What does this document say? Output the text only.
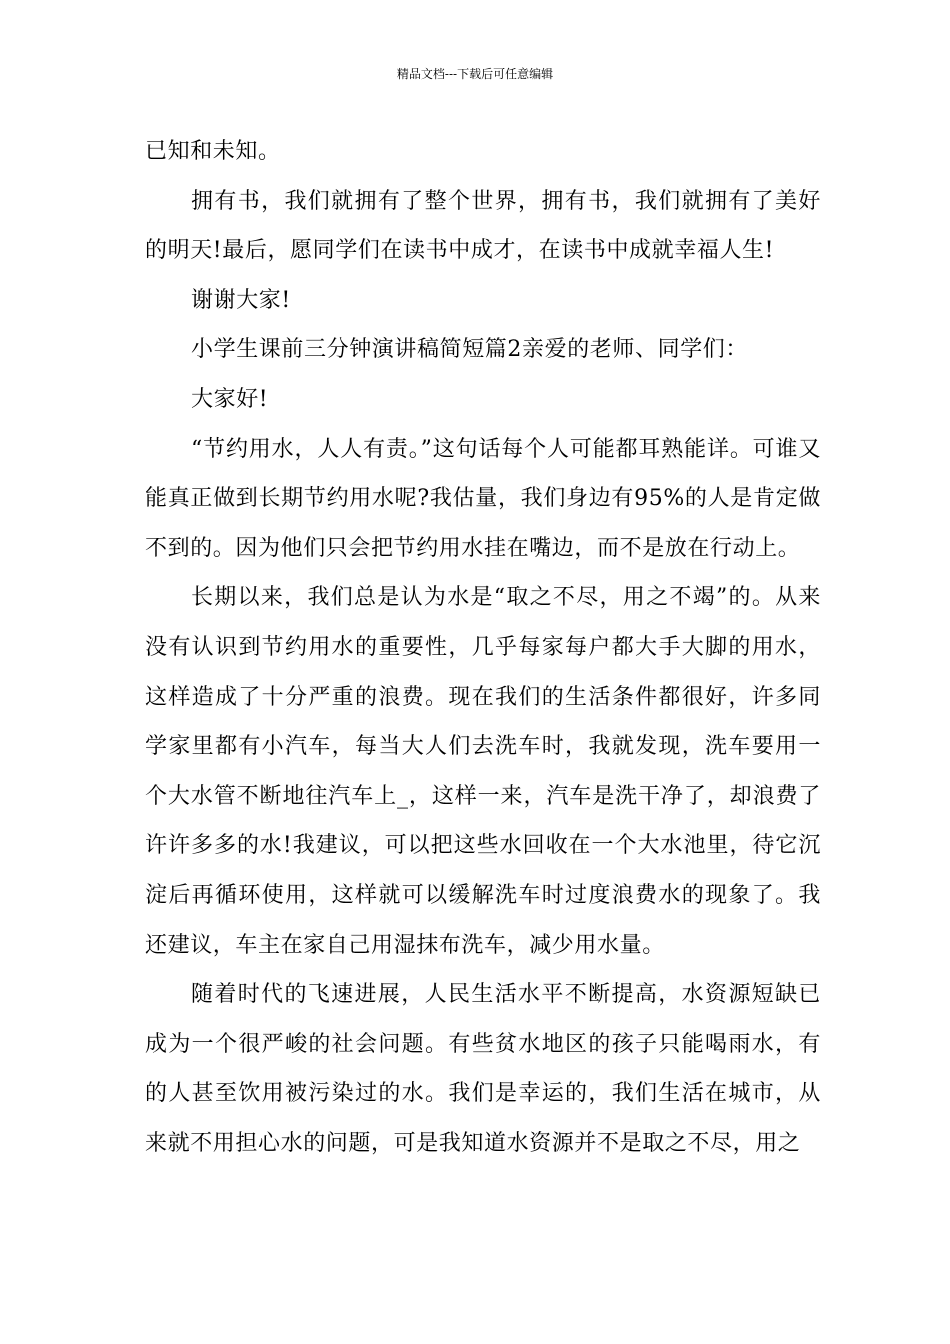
精品文档---下载后可任意编辑

已知和未知。

拥有书，我们就拥有了整个世界，拥有书，我们就拥有了美好的明天!最后，愿同学们在读书中成才，在读书中成就幸福人生!

谢谢大家!

小学生课前三分钟演讲稿简短篇2亲爱的老师、同学们：

大家好!

“节约用水，人人有责。”这句话每个人可能都耳熟能详。可谁又能真正做到长期节约用水呢?我估量，我们身边有95%的人是肯定做不到的。因为他们只会把节约用水挂在嘴边，而不是放在行动上。

长期以来，我们总是认为水是“取之不尽，用之不竭”的。从来没有认识到节约用水的重要性，几乎每家每户都大手大脚的用水，这样造成了十分严重的浪费。现在我们的生活条件都很好，许多同学家里都有小汽车，每当大人们去洗车时，我就发现，洗车要用一个大水管不断地往汽车上_，这样一来，汽车是洗干净了，却浪费了许许多多的水!我建议，可以把这些水回收在一个大水池里，待它沉淀后再循环使用，这样就可以缓解洗车时过度浪费水的现象了。我还建议，车主在家自己用湿抹布洗车，减少用水量。

随着时代的飞速进展，人民生活水平不断提高，水资源短缺已成为一个很严峻的社会问题。有些贫水地区的孩子只能喝雨水，有的人甚至饮用被污染过的水。我们是幸运的，我们生活在城市，从来就不用担心水的问题，可是我知道水资源并不是取之不尽，用之
